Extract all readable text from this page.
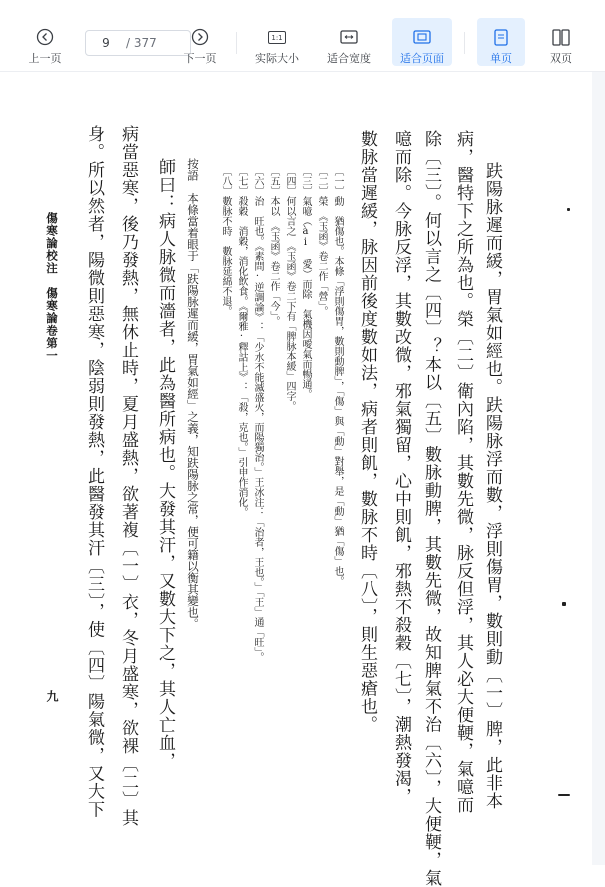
上一页
9	/ 377
下一页
1:1
实际大小	适合宽度	适合页面	单页	双页
趺陽脉遲而緩，胃氣如經也。趺陽脉浮而數，浮則傷胃，數則動〔一〕脾，此非本
病，醫特下之所為也。榮〔二〕衛內陷，其數先微，脉反但浮，其人必大便鞕，氣噫而
除〔三〕。何以言之〔四〕？本以〔五〕數脉動脾，其數先微，故知脾氣不治〔六〕，大便鞕，氣
噫而除。今脉反浮，其數改微，邪氣獨留，心中則飢，邪熱不殺穀〔七〕，潮熱發渴，
數脉當遲緩，脉因前後度數如法，病者則飢，數脉不時〔八〕，則生惡瘡也。
〔一〕動　猶傷也。本條「浮則傷胃，數則動脾」，「傷」與「動」對舉，是「動」猶「傷」也。
〔二〕榮　《玉函》卷二作「營」。
〔三〕氣噫（ài 愛）而除　氣機因噯氣而暢通。
〔四〕何以言之　《玉函》卷二下有「脾脉本緩」四字。
〔五〕本以　《玉函》卷二作「今」。
〔六〕治　旺也。《素問·逆調論》：「少水不能滅盛火，而陽獨治。」王冰注：「治者，王也。」「王」通「旺」。
〔七〕殺穀　消穀，消化飲食。《爾雅·釋詁上》：「殺，克也。」引申作消化。
〔八〕數脉不時　數脉延綿不退。
按語　本條當着眼于「趺陽脉遲而緩，胃氣如經」之義，知趺陽脉之常，便可籍以衡其變也。
師曰：病人脉微而濇者，此為醫所病也。大發其汗，又數大下之，其人亡血，
病當惡寒，後乃發熱，無休止時，夏月盛熱，欲著複〔一〕衣，冬月盛寒，欲裸〔二〕其
身。所以然者，陽微則惡寒，陰弱則發熱，此醫發其汗〔三〕，使〔四〕陽氣微，又大下
傷寒論校注　傷寒論卷第一
九
